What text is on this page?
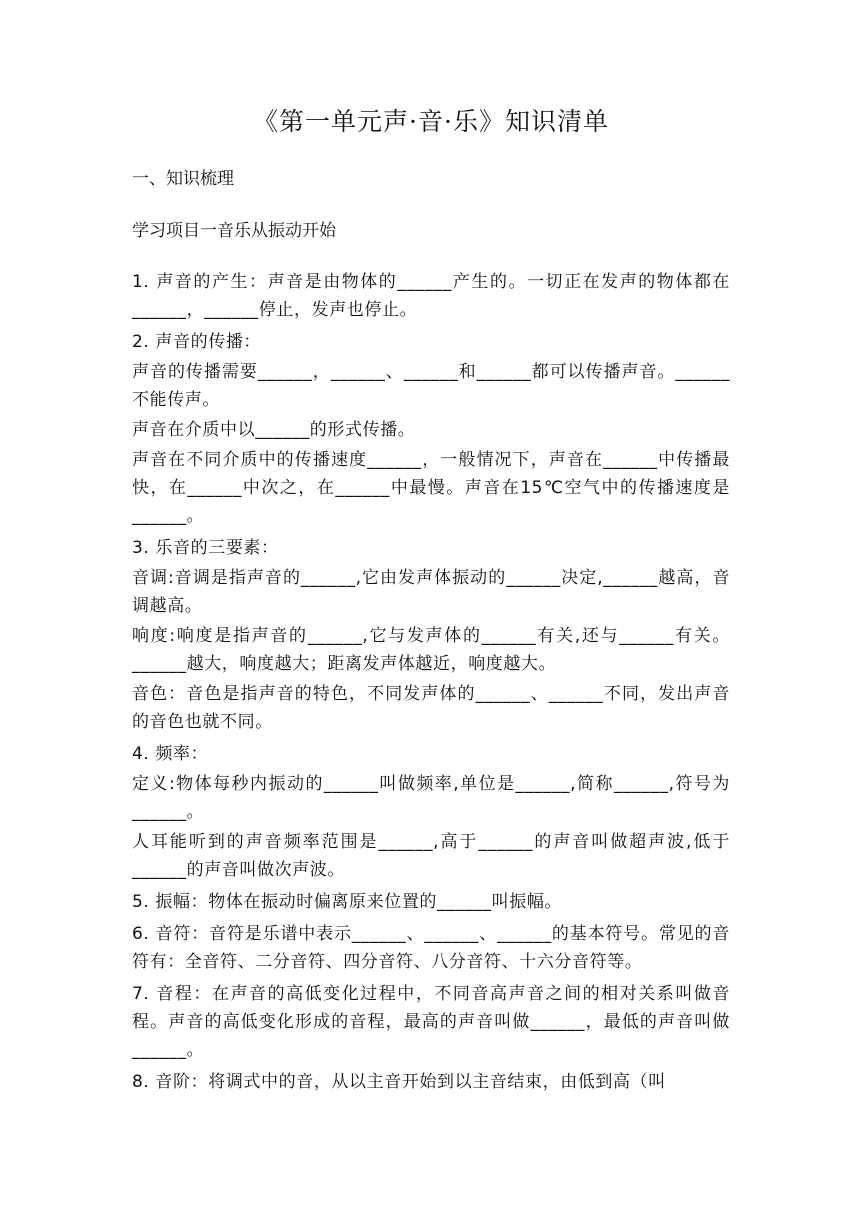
《第一单元声·音·乐》知识清单
一、知识梳理
学习项目一音乐从振动开始

1. 声音的产生：声音是由物体的______产生的。一切正在发声的物体都在______，______停止，发声也停止。

2. 声音的传播：

声音的传播需要______，______、______和______都可以传播声音。______不能传声。

声音在介质中以______的形式传播。

声音在不同介质中的传播速度______，一般情况下，声音在______中传播最快，在______中次之，在______中最慢。声音在15℃空气中的传播速度是______。

3. 乐音的三要素：

音调:音调是指声音的______,它由发声体振动的______决定,______越高，音调越高。

响度:响度是指声音的______,它与发声体的______有关,还与______有关。______越大，响度越大；距离发声体越近，响度越大。

音色：音色是指声音的特色，不同发声体的______、______不同，发出声音的音色也就不同。

4. 频率：

定义:物体每秒内振动的______叫做频率,单位是______,简称______,符号为______。

人耳能听到的声音频率范围是______,高于______的声音叫做超声波,低于______的声音叫做次声波。

5. 振幅：物体在振动时偏离原来位置的______叫振幅。

6. 音符：音符是乐谱中表示______、______、______的基本符号。常见的音符有：全音符、二分音符、四分音符、八分音符、十六分音符等。

7. 音程：在声音的高低变化过程中，不同音高声音之间的相对关系叫做音程。声音的高低变化形成的音程，最高的声音叫做______，最低的声音叫做______。

8. 音阶：将调式中的音，从以主音开始到以主音结束，由低到高（叫
